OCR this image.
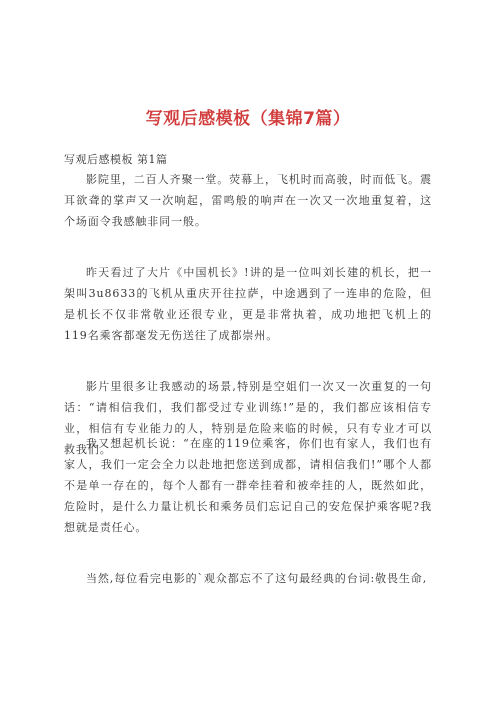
写观后感模板（集锦7篇）
写观后感模板 第1篇

影院里，二百人齐聚一堂。荧幕上，飞机时而高骏，时而低飞。震耳欲聋的掌声又一次响起，雷鸣般的响声在一次又一次地重复着，这个场面令我感触非同一般。

昨天看过了大片《中国机长》!讲的是一位叫刘长建的机长，把一架叫3u8633的飞机从重庆开往拉萨，中途遇到了一连串的危险，但是机长不仅非常敬业还很专业，更是非常执着，成功地把飞机上的119名乘客都毫发无伤送往了成都崇州。

影片里很多让我感动的场景,特别是空姐们一次又一次重复的一句话：“请相信我们，我们都受过专业训练!”是的，我们都应该相信专业，相信有专业能力的人，特别是危险来临的时候，只有专业才可以救我们。

我又想起机长说：“在座的119位乘客，你们也有家人，我们也有家人，我们一定会全力以赴地把您送到成都，请相信我们!”哪个人都不是单一存在的，每个人都有一群牵挂着和被牵挂的人，既然如此，危险时，是什么力量让机长和乘务员们忘记自己的安危保护乘客呢?我想就是责任心。

当然,每位看完电影的`观众都忘不了这句最经典的台词:敬畏生命,
